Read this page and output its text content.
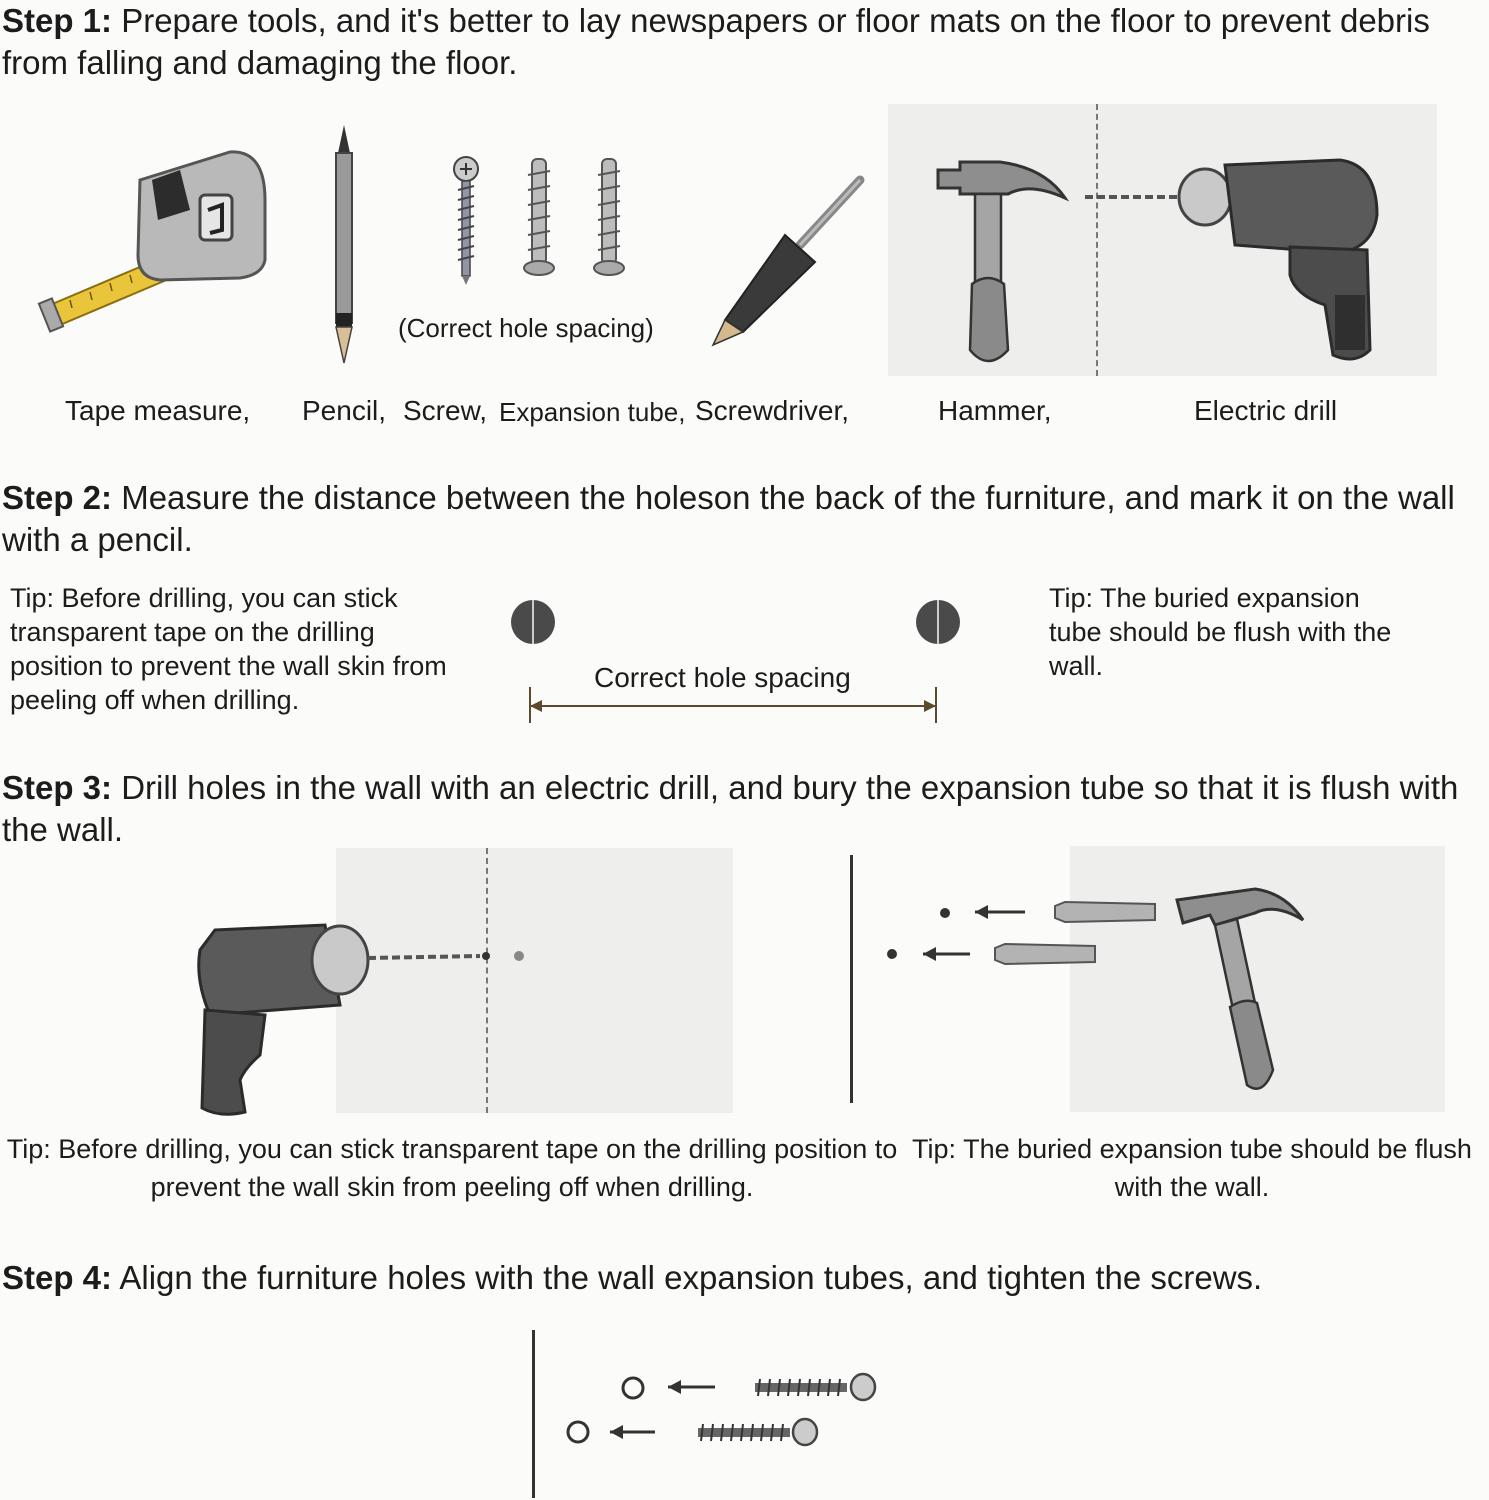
Step 1: Prepare tools, and it's better to lay newspapers or floor mats on the floor to prevent debris from falling and damaging the floor.
(Correct hole spacing)
Tape measure, Pencil, Screw, Expansion tube, Screwdriver,	Hammer,	Electric drill
Step 2: Measure the distance between the holeson the back of the furniture, and mark it on the wall with a pencil.
Tip: Before drilling, you can stick transparent tape on the drilling position to prevent the wall skin from peeling off when drilling.
Correct hole spacing
Tip: The buried expansion tube should be flush with the wall.
Step 3: Drill holes in the wall with an electric drill, and bury the expansion tube so that it is flush with the wall.
Tip: Before drilling, you can stick transparent tape on the drilling position to prevent the wall skin from peeling off when drilling.
Tip: The buried expansion tube should be flush with the wall.
Step 4: Align the furniture holes with the wall expansion tubes, and tighten the screws.
